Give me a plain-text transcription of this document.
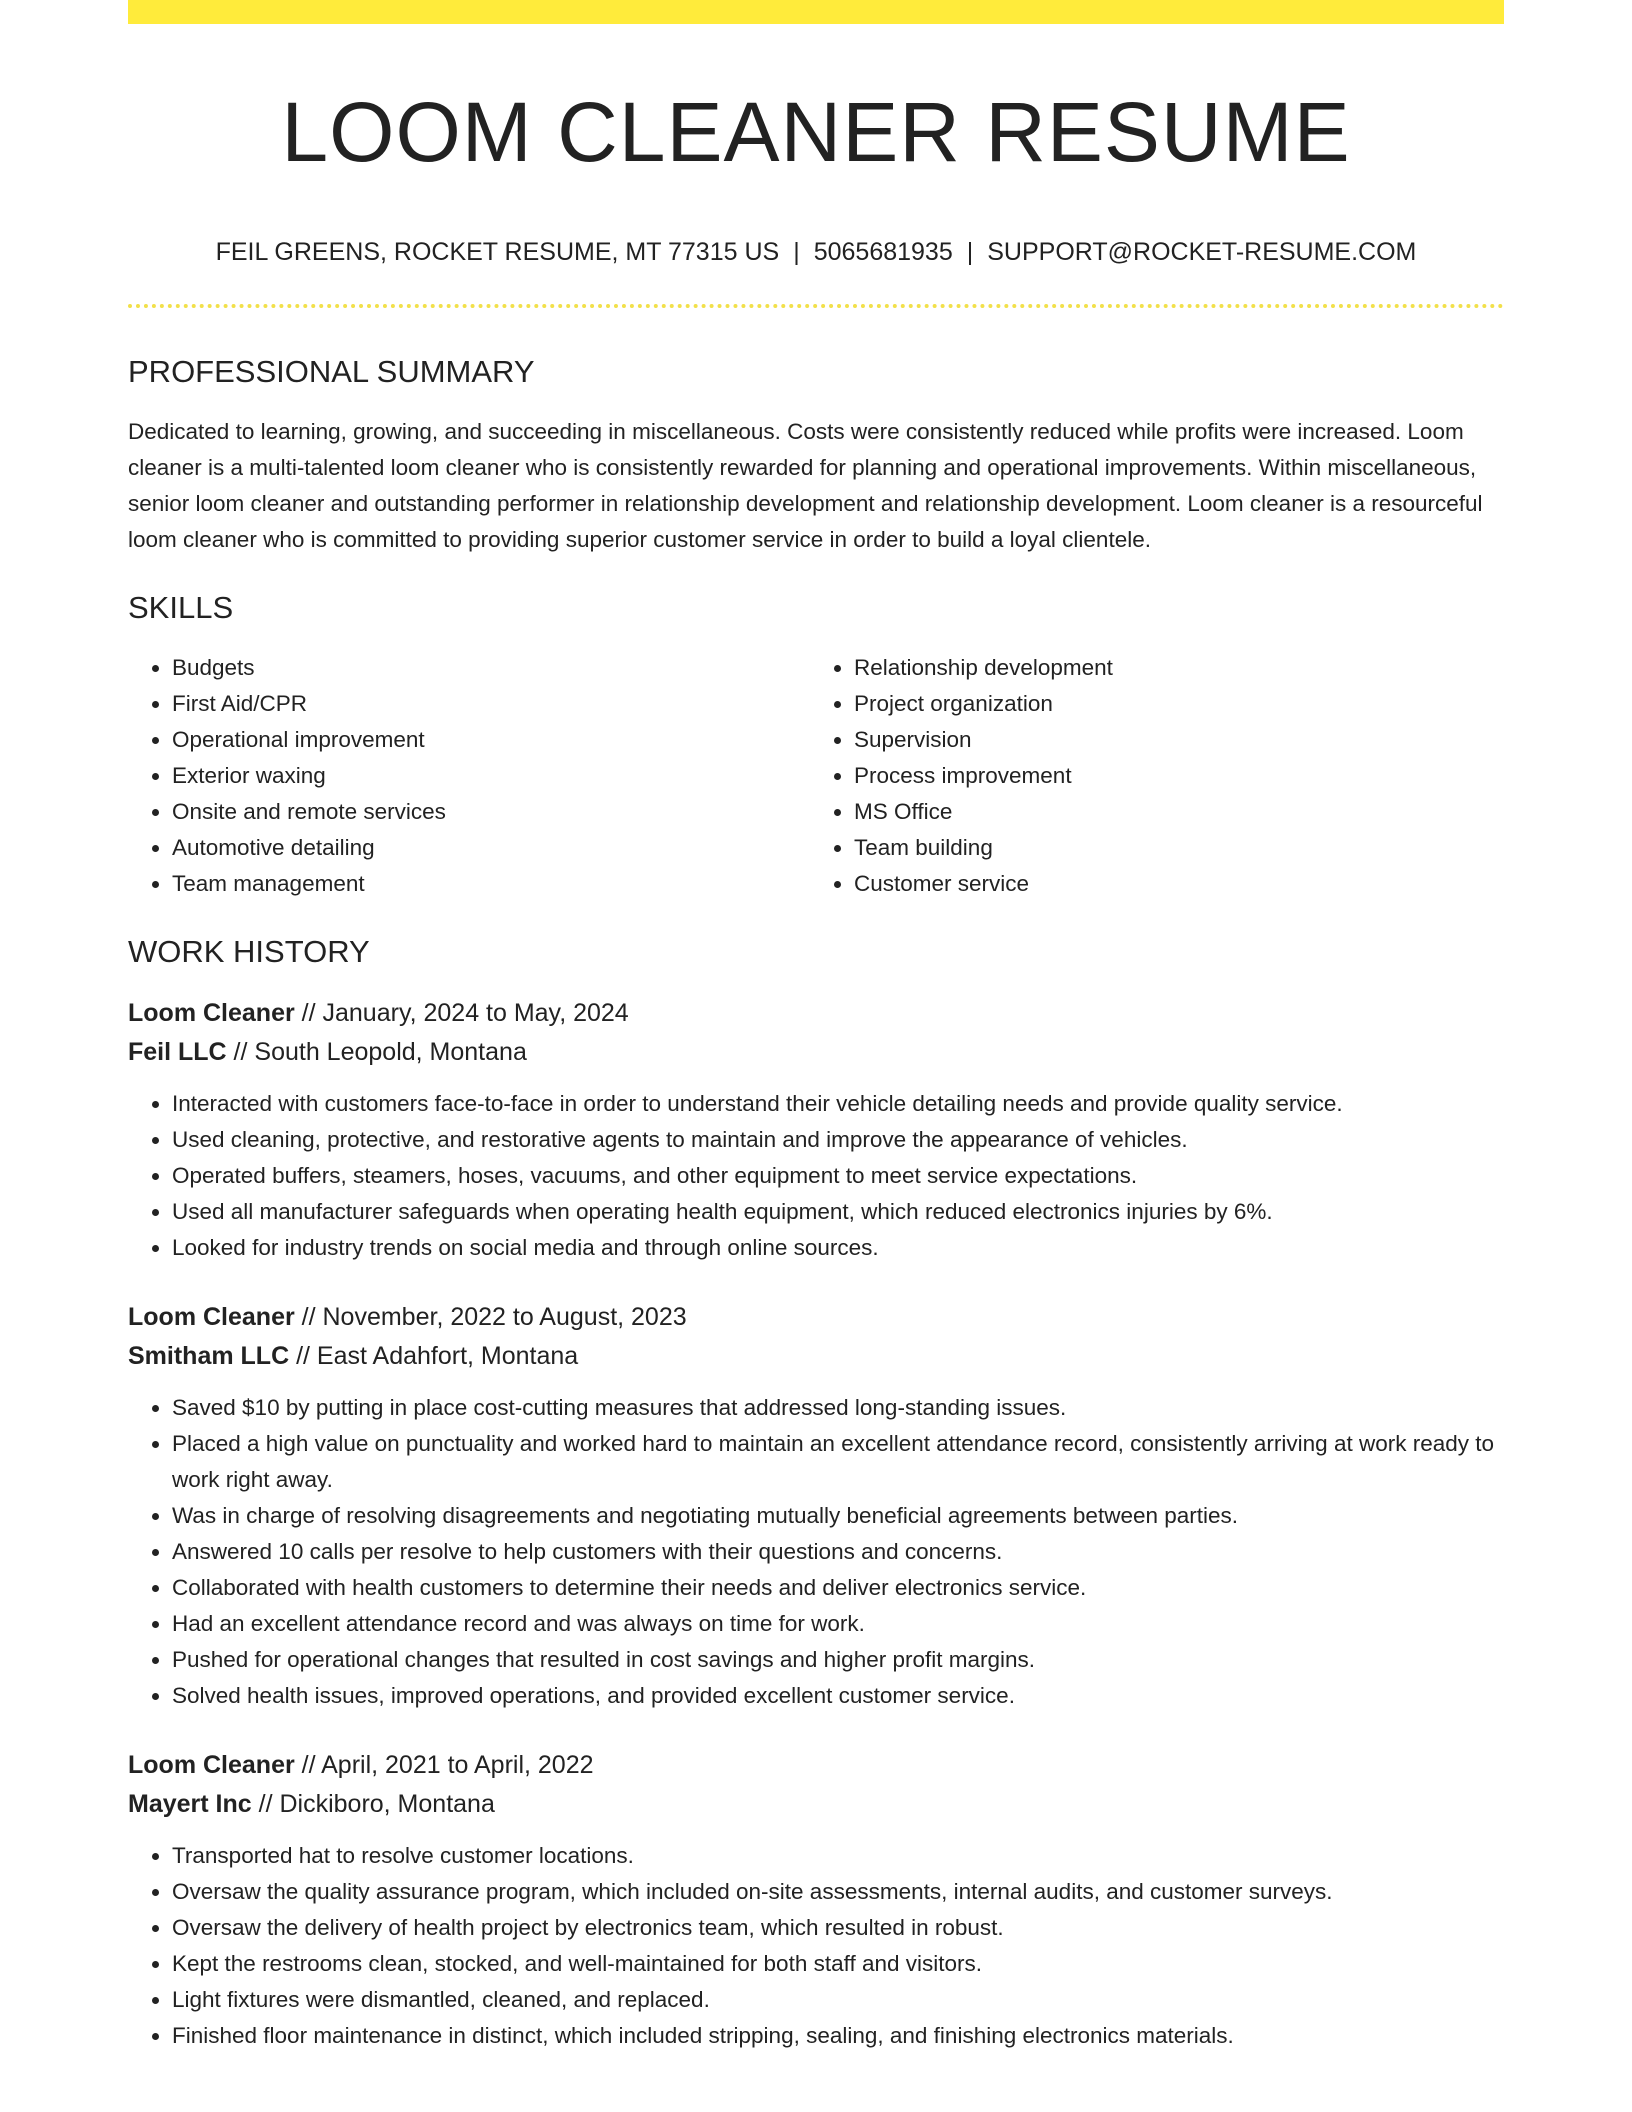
LOOM CLEANER RESUME
FEIL GREENS, ROCKET RESUME, MT 77315 US | 5065681935 | SUPPORT@ROCKET-RESUME.COM
PROFESSIONAL SUMMARY
Dedicated to learning, growing, and succeeding in miscellaneous. Costs were consistently reduced while profits were increased. Loom cleaner is a multi-talented loom cleaner who is consistently rewarded for planning and operational improvements. Within miscellaneous, senior loom cleaner and outstanding performer in relationship development and relationship development. Loom cleaner is a resourceful loom cleaner who is committed to providing superior customer service in order to build a loyal clientele.
SKILLS
• Budgets
• First Aid/CPR
• Operational improvement
• Exterior waxing
• Onsite and remote services
• Automotive detailing
• Team management
• Relationship development
• Project organization
• Supervision
• Process improvement
• MS Office
• Team building
• Customer service
WORK HISTORY
Loom Cleaner // January, 2024 to May, 2024
Feil LLC // South Leopold, Montana
• Interacted with customers face-to-face in order to understand their vehicle detailing needs and provide quality service.
• Used cleaning, protective, and restorative agents to maintain and improve the appearance of vehicles.
• Operated buffers, steamers, hoses, vacuums, and other equipment to meet service expectations.
• Used all manufacturer safeguards when operating health equipment, which reduced electronics injuries by 6%.
• Looked for industry trends on social media and through online sources.
Loom Cleaner // November, 2022 to August, 2023
Smitham LLC // East Adahfort, Montana
• Saved $10 by putting in place cost-cutting measures that addressed long-standing issues.
• Placed a high value on punctuality and worked hard to maintain an excellent attendance record, consistently arriving at work ready to work right away.
• Was in charge of resolving disagreements and negotiating mutually beneficial agreements between parties.
• Answered 10 calls per resolve to help customers with their questions and concerns.
• Collaborated with health customers to determine their needs and deliver electronics service.
• Had an excellent attendance record and was always on time for work.
• Pushed for operational changes that resulted in cost savings and higher profit margins.
• Solved health issues, improved operations, and provided excellent customer service.
Loom Cleaner // April, 2021 to April, 2022
Mayert Inc // Dickiboro, Montana
• Transported hat to resolve customer locations.
• Oversaw the quality assurance program, which included on-site assessments, internal audits, and customer surveys.
• Oversaw the delivery of health project by electronics team, which resulted in robust.
• Kept the restrooms clean, stocked, and well-maintained for both staff and visitors.
• Light fixtures were dismantled, cleaned, and replaced.
• Finished floor maintenance in distinct, which included stripping, sealing, and finishing electronics materials.
